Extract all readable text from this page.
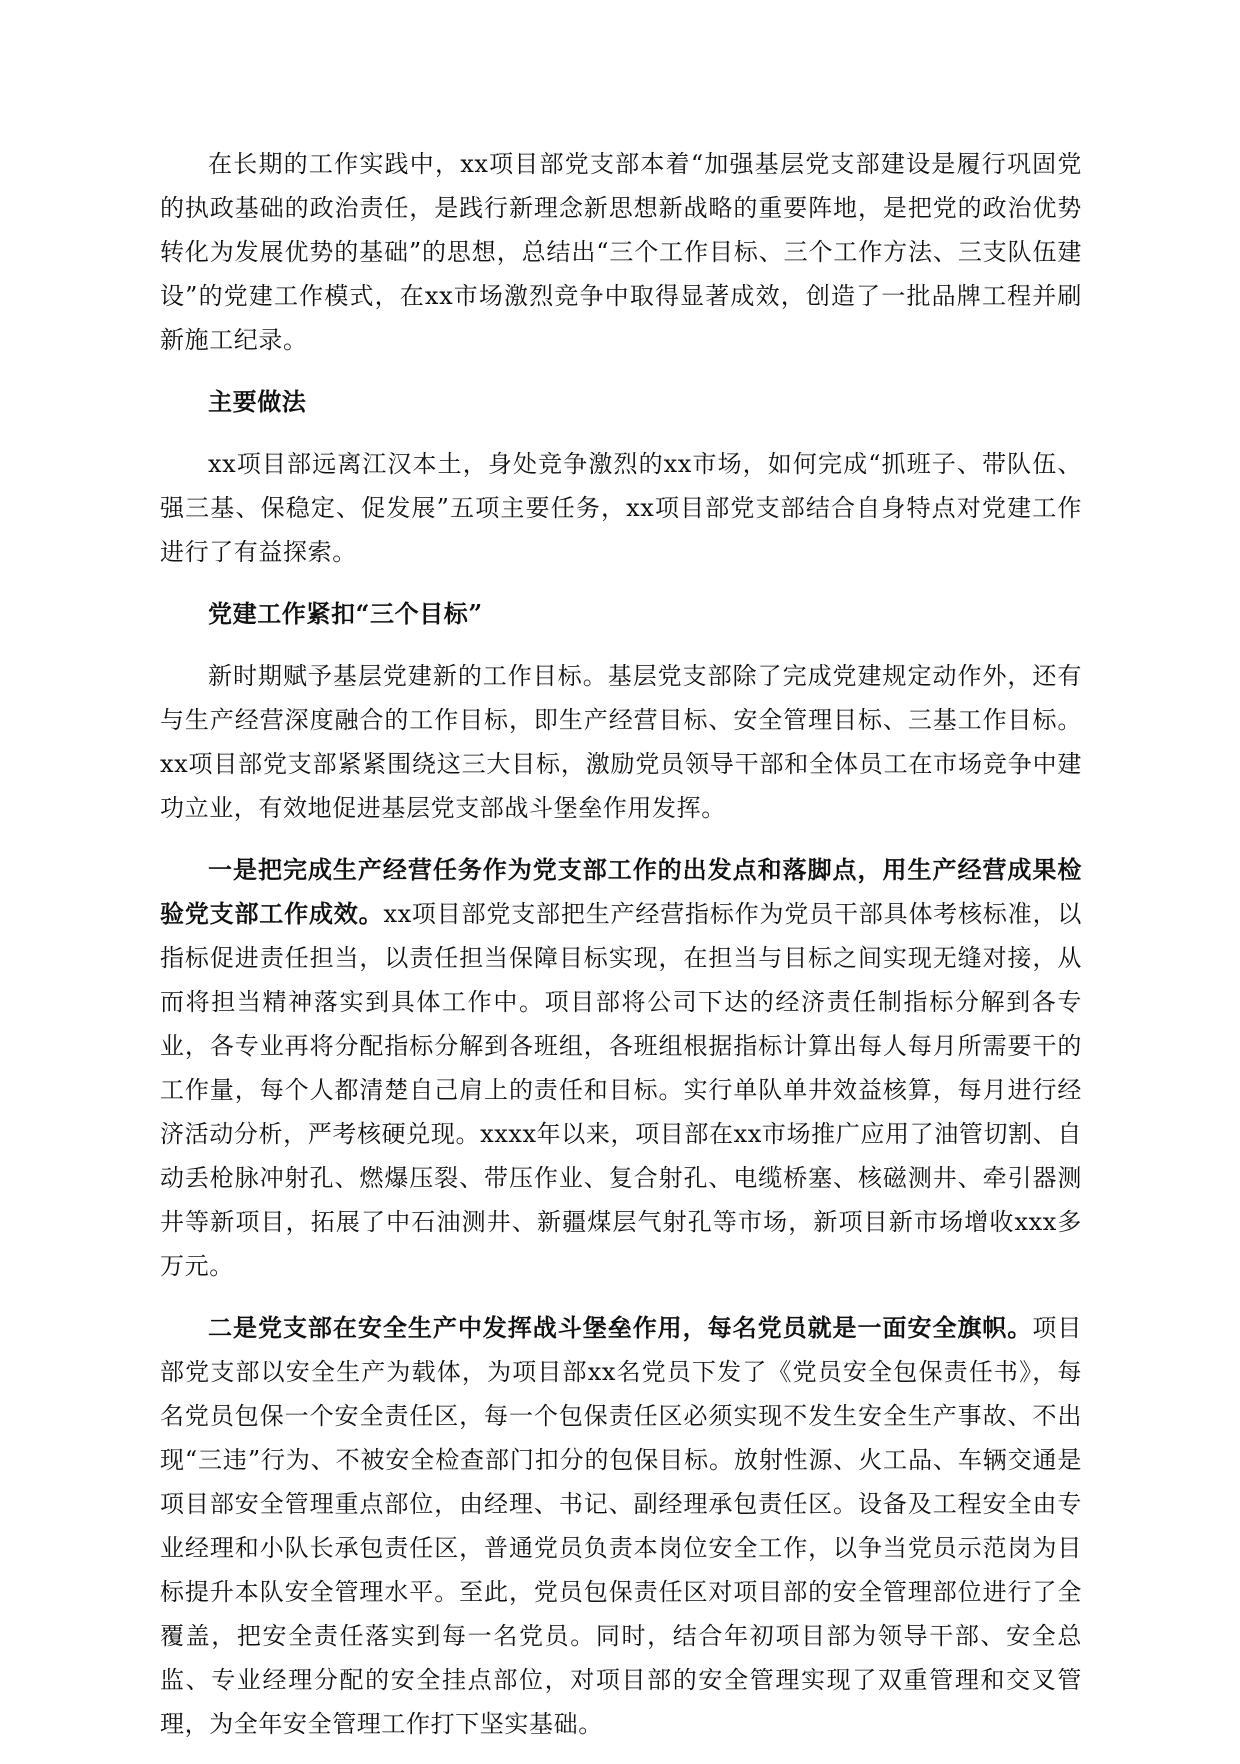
在长期的工作实践中，xx项目部党支部本着“加强基层党支部建设是履行巩固党的执政基础的政治责任，是践行新理念新思想新战略的重要阵地，是把党的政治优势转化为发展优势的基础”的思想，总结出“三个工作目标、三个工作方法、三支队伍建设”的党建工作模式，在xx市场激烈竞争中取得显著成效，创造了一批品牌工程并刷新施工纪录。

主要做法

xx项目部远离江汉本土，身处竞争激烈的xx市场，如何完成“抓班子、带队伍、强三基、保稳定、促发展”五项主要任务，xx项目部党支部结合自身特点对党建工作进行了有益探索。

党建工作紧扣“三个目标”

新时期赋予基层党建新的工作目标。基层党支部除了完成党建规定动作外，还有与生产经营深度融合的工作目标，即生产经营目标、安全管理目标、三基工作目标。xx项目部党支部紧紧围绕这三大目标，激励党员领导干部和全体员工在市场竞争中建功立业，有效地促进基层党支部战斗堡垒作用发挥。

一是把完成生产经营任务作为党支部工作的出发点和落脚点，用生产经营成果检验党支部工作成效。xx项目部党支部把生产经营指标作为党员干部具体考核标准，以指标促进责任担当，以责任担当保障目标实现，在担当与目标之间实现无缝对接，从而将担当精神落实到具体工作中。项目部将公司下达的经济责任制指标分解到各专业，各专业再将分配指标分解到各班组，各班组根据指标计算出每人每月所需要干的工作量，每个人都清楚自己肩上的责任和目标。实行单队单井效益核算，每月进行经济活动分析，严考核硬兑现。xxxx年以来，项目部在xx市场推广应用了油管切割、自动丢枪脉冲射孔、燃爆压裂、带压作业、复合射孔、电缆桥塞、核磁测井、牵引器测井等新项目，拓展了中石油测井、新疆煤层气射孔等市场，新项目新市场增收xxx多万元。

二是党支部在安全生产中发挥战斗堡垒作用，每名党员就是一面安全旗帜。项目部党支部以安全生产为载体，为项目部xx名党员下发了《党员安全包保责任书》，每名党员包保一个安全责任区，每一个包保责任区必须实现不发生安全生产事故、不出现“三违”行为、不被安全检查部门扣分的包保目标。放射性源、火工品、车辆交通是项目部安全管理重点部位，由经理、书记、副经理承包责任区。设备及工程安全由专业经理和小队长承包责任区，普通党员负责本岗位安全工作，以争当党员示范岗为目标提升本队安全管理水平。至此，党员包保责任区对项目部的安全管理部位进行了全覆盖，把安全责任落实到每一名党员。同时，结合年初项目部为领导干部、安全总监、专业经理分配的安全挂点部位，对项目部的安全管理实现了双重管理和交叉管理，为全年安全管理工作打下坚实基础。
